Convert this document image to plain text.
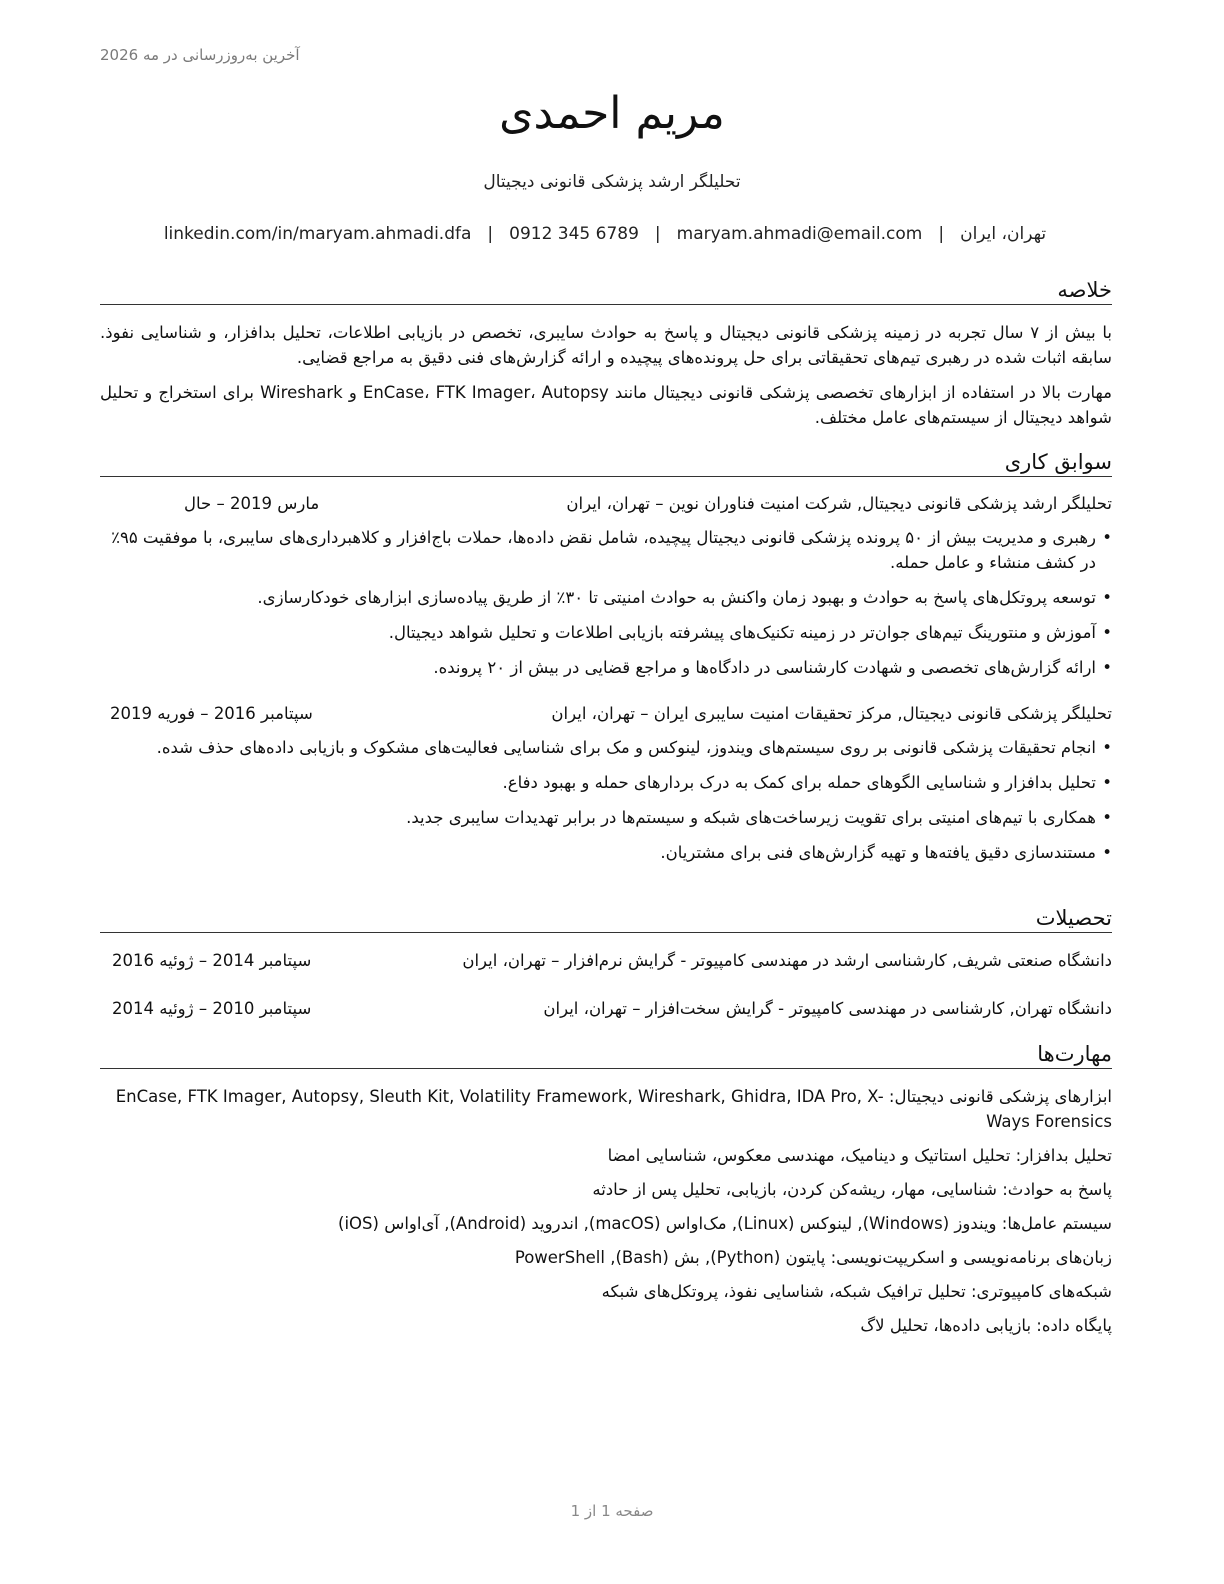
آخرین به‌روزرسانی در مه 2026
مریم احمدی
تحلیلگر ارشد پزشکی قانونی دیجیتال
تهران، ایران
|
maryam.ahmadi@email.com
|
0912 345 6789
|
linkedin.com/in/maryam.ahmadi.dfa
خلاصه

با بیش از ۷ سال تجربه در زمینه پزشکی قانونی دیجیتال و پاسخ به حوادث سایبری، تخصص در بازیابی اطلاعات، تحلیل بدافزار، و شناسایی نفوذ. سابقه اثبات شده در رهبری تیم‌های تحقیقاتی برای حل پرونده‌های پیچیده و ارائه گزارش‌های فنی دقیق به مراجع قضایی.

مهارت بالا در استفاده از ابزارهای تخصصی پزشکی قانونی دیجیتال مانند EnCase، FTK Imager، Autopsy و Wireshark برای استخراج و تحلیل شواهد دیجیتال از سیستم‌های عامل مختلف.

سوابق کاری
تحلیلگر ارشد پزشکی قانونی دیجیتال, شرکت امنیت فناوران نوین – تهران، ایران
مارس 2019 – حال
• رهبری و مدیریت بیش از ۵۰ پرونده پزشکی قانونی دیجیتال پیچیده، شامل نقض داده‌ها، حملات باج‌افزار و کلاهبرداری‌های سایبری، با موفقیت ۹۵٪ در کشف منشاء و عامل حمله.
• توسعه پروتکل‌های پاسخ به حوادث و بهبود زمان واکنش به حوادث امنیتی تا ۳۰٪ از طریق پیاده‌سازی ابزارهای خودکارسازی.
• آموزش و منتورینگ تیم‌های جوان‌تر در زمینه تکنیک‌های پیشرفته بازیابی اطلاعات و تحلیل شواهد دیجیتال.
• ارائه گزارش‌های تخصصی و شهادت کارشناسی در دادگاه‌ها و مراجع قضایی در بیش از ۲۰ پرونده.
تحلیلگر پزشکی قانونی دیجیتال, مرکز تحقیقات امنیت سایبری ایران – تهران، ایران
سپتامبر 2016 – فوریه 2019
• انجام تحقیقات پزشکی قانونی بر روی سیستم‌های ویندوز، لینوکس و مک برای شناسایی فعالیت‌های مشکوک و بازیابی داده‌های حذف شده.
• تحلیل بدافزار و شناسایی الگوهای حمله برای کمک به درک بردارهای حمله و بهبود دفاع.
• همکاری با تیم‌های امنیتی برای تقویت زیرساخت‌های شبکه و سیستم‌ها در برابر تهدیدات سایبری جدید.
• مستندسازی دقیق یافته‌ها و تهیه گزارش‌های فنی برای مشتریان.
تحصیلات
دانشگاه صنعتی شریف, کارشناسی ارشد در مهندسی کامپیوتر - گرایش نرم‌افزار – تهران، ایران
سپتامبر 2014 – ژوئیه 2016
دانشگاه تهران, کارشناسی در مهندسی کامپیوتر - گرایش سخت‌افزار – تهران، ایران
سپتامبر 2010 – ژوئیه 2014
مهارت‌ها
ابزارهای پزشکی قانونی دیجیتال: EnCase, FTK Imager, Autopsy, Sleuth Kit, Volatility Framework, Wireshark, Ghidra, IDA Pro, X-Ways Forensics
تحلیل بدافزار: تحلیل استاتیک و دینامیک، مهندسی معکوس، شناسایی امضا
پاسخ به حوادث: شناسایی، مهار، ریشه‌کن کردن، بازیابی، تحلیل پس از حادثه
سیستم عامل‌ها: ویندوز (Windows), لینوکس (Linux), مک‌اواس (macOS), اندروید (Android), آی‌اواس (iOS)
زبان‌های برنامه‌نویسی و اسکریپت‌نویسی: پایتون (Python), بش (Bash), PowerShell
شبکه‌های کامپیوتری: تحلیل ترافیک شبکه، شناسایی نفوذ، پروتکل‌های شبکه
پایگاه داده: بازیابی داده‌ها، تحلیل لاگ
صفحه 1 از 1
